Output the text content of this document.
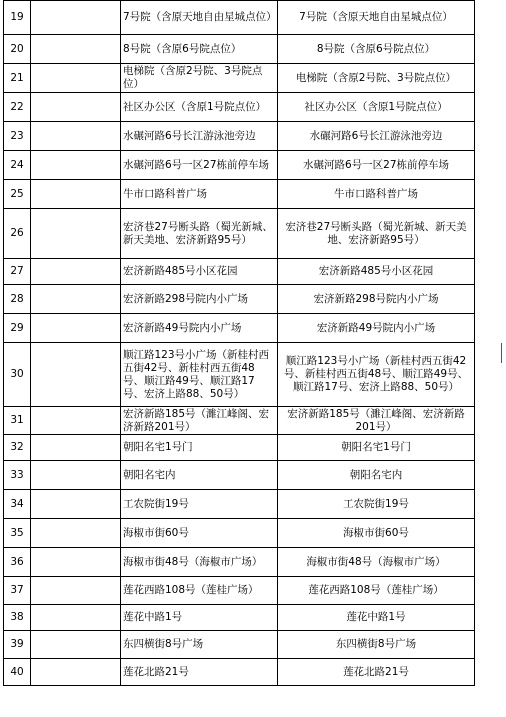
19		7号院（含原天地自由星城点位）	7号院（含原天地自由星城点位）
20		8号院（含原6号院点位）	8号院（含原6号院点位）
21		电梯院（含原2号院、3号院点位）	电梯院（含原2号院、3号院点位）
22		社区办公区（含原1号院点位）	社区办公区（含原1号院点位）
23		水碾河路6号长江游泳池旁边	水碾河路6号长江游泳池旁边
24		水碾河路6号一区27栋前停车场	水碾河路6号一区27栋前停车场
25		牛市口路科普广场	牛市口路科普广场
26		宏济巷27号断头路（蜀光新城、新天美地、宏济新路95号）	宏济巷27号断头路（蜀光新城、新天美地、宏济新路95号）
27		宏济新路485号小区花园	宏济新路485号小区花园
28		宏济新路298号院内小广场	宏济新路298号院内小广场
29		宏济新路49号院内小广场	宏济新路49号院内小广场
30		顺江路123号小广场（新桂村西五街42号、新桂村西五街48号、顺江路49号、顺江路17号、宏济上路88、50号）	顺江路123号小广场（新桂村西五街42号、新桂村西五街48号、顺江路49号、顺江路17号、宏济上路88、50号）
31		宏济新路185号（濉江峰阁、宏济新路201号）	宏济新路185号（濉江峰阁、宏济新路201号）
32		朝阳名宅1号门	朝阳名宅1号门
33		朝阳名宅内	朝阳名宅内
34		工农院街19号	工农院街19号
35		海椒市街60号	海椒市街60号
36		海椒市街48号（海椒市广场）	海椒市街48号（海椒市广场）
37		莲花西路108号（莲桂广场）	莲花西路108号（莲桂广场）
38		莲花中路1号	莲花中路1号
39		东四横街8号广场	东四横街8号广场
40		莲花北路21号	莲花北路21号
